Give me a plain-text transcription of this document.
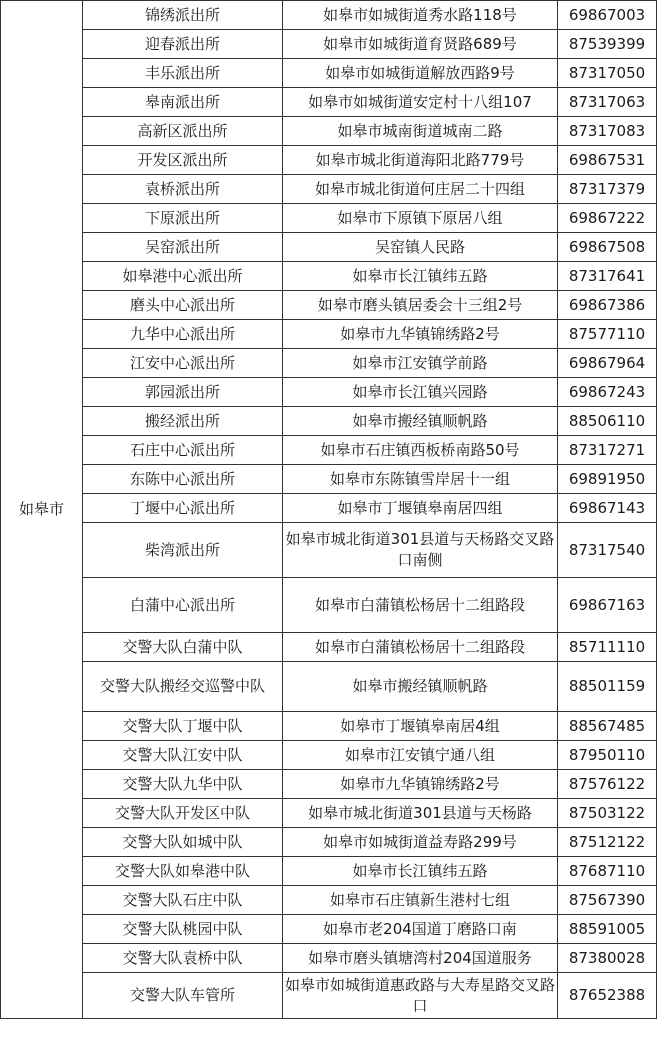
如皋市	锦绣派出所	如皋市如城街道秀水路118号	69867003
	迎春派出所	如皋市如城街道育贤路689号	87539399
	丰乐派出所	如皋市如城街道解放西路9号	87317050
	皋南派出所	如皋市如城街道安定村十八组107	87317063
	高新区派出所	如皋市城南街道城南二路	87317083
	开发区派出所	如皋市城北街道海阳北路779号	69867531
	袁桥派出所	如皋市城北街道何庄居二十四组	87317379
	下原派出所	如皋市下原镇下原居八组	69867222
	吴窑派出所	吴窑镇人民路	69867508
	如皋港中心派出所	如皋市长江镇纬五路	87317641
	磨头中心派出所	如皋市磨头镇居委会十三组2号	69867386
	九华中心派出所	如皋市九华镇锦绣路2号	87577110
	江安中心派出所	如皋市江安镇学前路	69867964
	郭园派出所	如皋市长江镇兴园路	69867243
	搬经派出所	如皋市搬经镇顺帆路	88506110
	石庄中心派出所	如皋市石庄镇西板桥南路50号	87317271
	东陈中心派出所	如皋市东陈镇雪岸居十一组	69891950
	丁堰中心派出所	如皋市丁堰镇皋南居四组	69867143
	柴湾派出所	如皋市城北街道301县道与天杨路交叉路口南侧	87317540
	白蒲中心派出所	如皋市白蒲镇松杨居十二组路段	69867163
	交警大队白蒲中队	如皋市白蒲镇松杨居十二组路段	85711110
	交警大队搬经交巡警中队	如皋市搬经镇顺帆路	88501159
	交警大队丁堰中队	如皋市丁堰镇皋南居4组	88567485
	交警大队江安中队	如皋市江安镇宁通八组	87950110
	交警大队九华中队	如皋市九华镇锦绣路2号	87576122
	交警大队开发区中队	如皋市城北街道301县道与天杨路	87503122
	交警大队如城中队	如皋市如城街道益寿路299号	87512122
	交警大队如皋港中队	如皋市长江镇纬五路	87687110
	交警大队石庄中队	如皋市石庄镇新生港村七组	87567390
	交警大队桃园中队	如皋市老204国道丁磨路口南	88591005
	交警大队袁桥中队	如皋市磨头镇塘湾村204国道服务	87380028
	交警大队车管所	如皋市如城街道惠政路与大寿星路交叉路口	87652388
